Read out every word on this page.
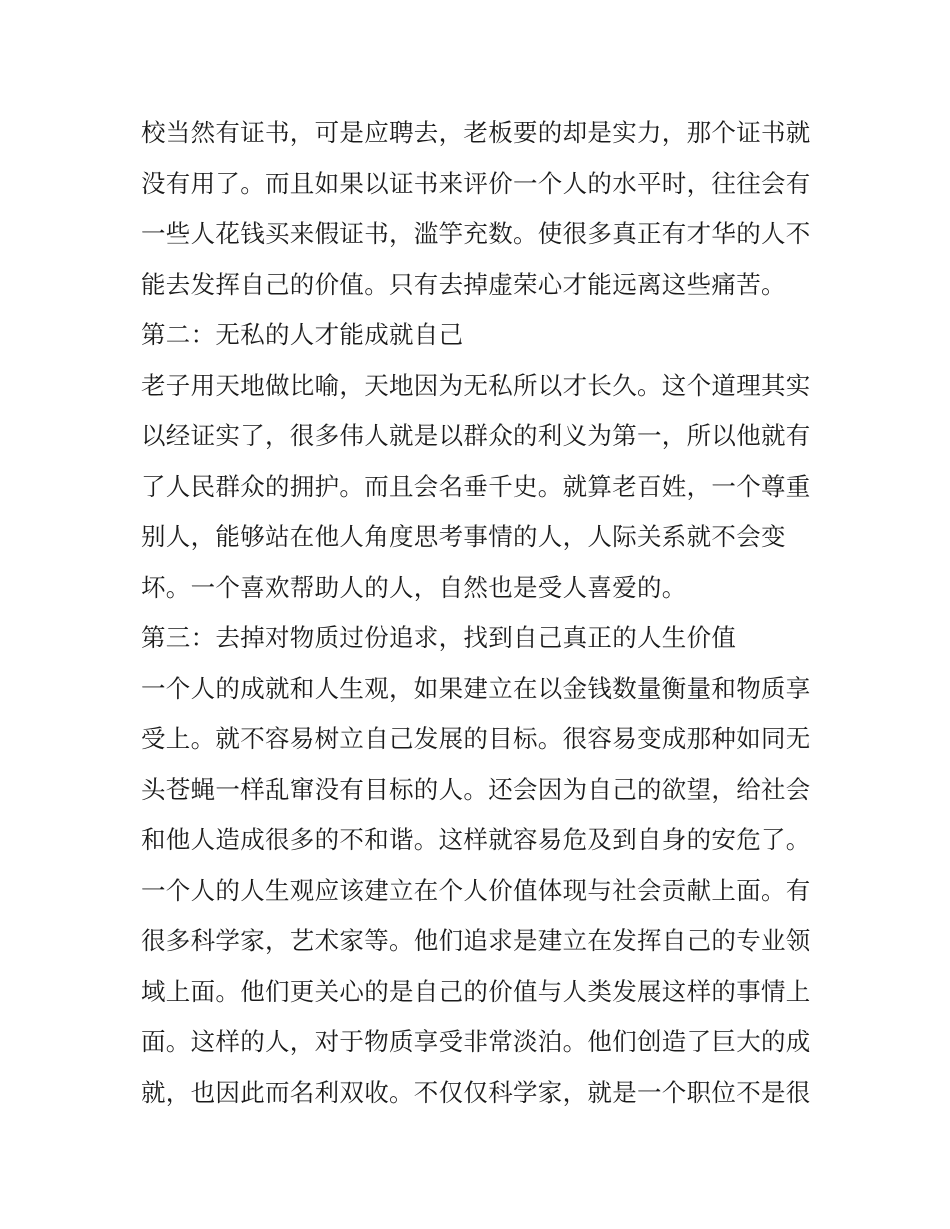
校当然有证书，可是应聘去，老板要的却是实力，那个证书就
没有用了。而且如果以证书来评价一个人的水平时，往往会有
一些人花钱买来假证书，滥竽充数。使很多真正有才华的人不
能去发挥自己的价值。只有去掉虚荣心才能远离这些痛苦。
第二：无私的人才能成就自己
老子用天地做比喻，天地因为无私所以才长久。这个道理其实
以经证实了，很多伟人就是以群众的利义为第一，所以他就有
了人民群众的拥护。而且会名垂千史。就算老百姓，一个尊重
别人，能够站在他人角度思考事情的人，人际关系就不会变
坏。一个喜欢帮助人的人，自然也是受人喜爱的。
第三：去掉对物质过份追求，找到自己真正的人生价值
一个人的成就和人生观，如果建立在以金钱数量衡量和物质享
受上。就不容易树立自己发展的目标。很容易变成那种如同无
头苍蝇一样乱窜没有目标的人。还会因为自己的欲望，给社会
和他人造成很多的不和谐。这样就容易危及到自身的安危了。
一个人的人生观应该建立在个人价值体现与社会贡献上面。有
很多科学家，艺术家等。他们追求是建立在发挥自己的专业领
域上面。他们更关心的是自己的价值与人类发展这样的事情上
面。这样的人，对于物质享受非常淡泊。他们创造了巨大的成
就，也因此而名利双收。不仅仅科学家，就是一个职位不是很
